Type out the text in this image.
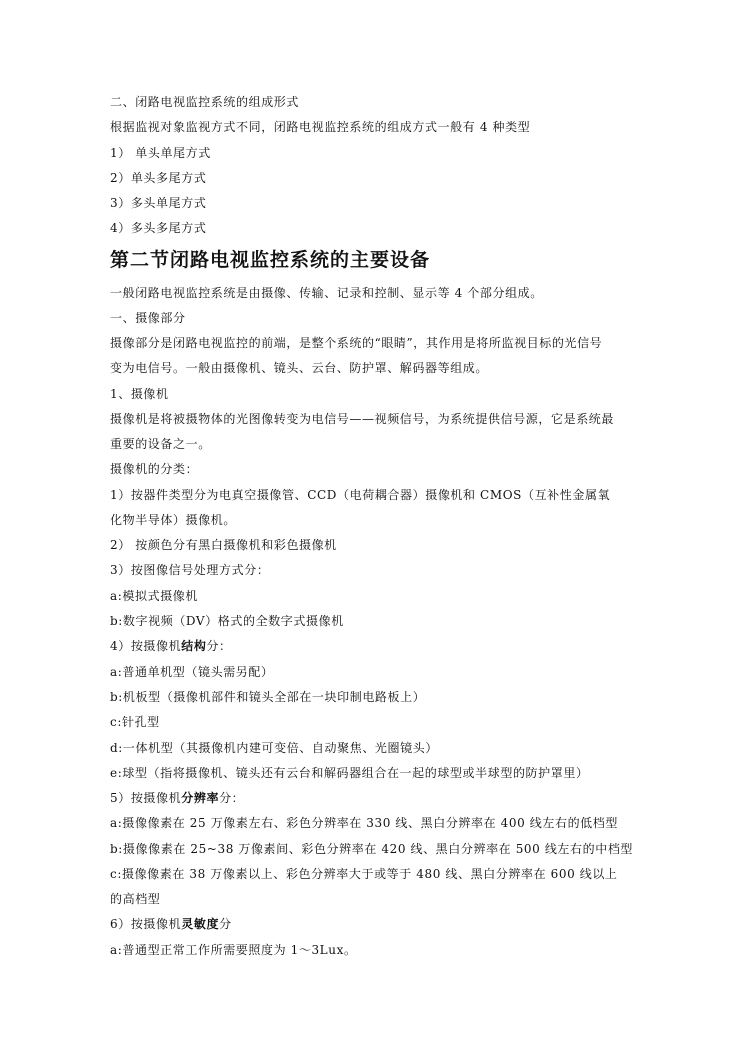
二、闭路电视监控系统的组成形式
根据监视对象监视方式不同，闭路电视监控系统的组成方式一般有 4 种类型
1） 单头单尾方式
2）单头多尾方式
3）多头单尾方式
4）多头多尾方式
第二节闭路电视监控系统的主要设备
一般闭路电视监控系统是由摄像、传输、记录和控制、显示等 4 个部分组成。
一、摄像部分
摄像部分是闭路电视监控的前端，是整个系统的“眼睛”，其作用是将所监视目标的光信号
变为电信号。一般由摄像机、镜头、云台、防护罩、解码器等组成。
1、摄像机
摄像机是将被摄物体的光图像转变为电信号——视频信号，为系统提供信号源，它是系统最
重要的设备之一。
摄像机的分类：
1）按器件类型分为电真空摄像管、CCD（电荷耦合器）摄像机和 CMOS（互补性金属氧
化物半导体）摄像机。
2） 按颜色分有黑白摄像机和彩色摄像机
3）按图像信号处理方式分：
a:模拟式摄像机
b:数字视频（DV）格式的全数字式摄像机
4）按摄像机结构分：
a:普通单机型（镜头需另配）
b:机板型（摄像机部件和镜头全部在一块印制电路板上）
c:针孔型
d:一体机型（其摄像机内建可变倍、自动聚焦、光圈镜头）
e:球型（指将摄像机、镜头还有云台和解码器组合在一起的球型或半球型的防护罩里）
5）按摄像机分辨率分：
a:摄像像素在 25 万像素左右、彩色分辨率在 330 线、黑白分辨率在 400 线左右的低档型
b:摄像像素在 25~38 万像素间、彩色分辨率在 420 线、黑白分辨率在 500 线左右的中档型
c:摄像像素在 38 万像素以上、彩色分辨率大于或等于 480 线、黑白分辨率在 600 线以上
的高档型
6）按摄像机灵敏度分
a:普通型正常工作所需要照度为 1～3Lux。
